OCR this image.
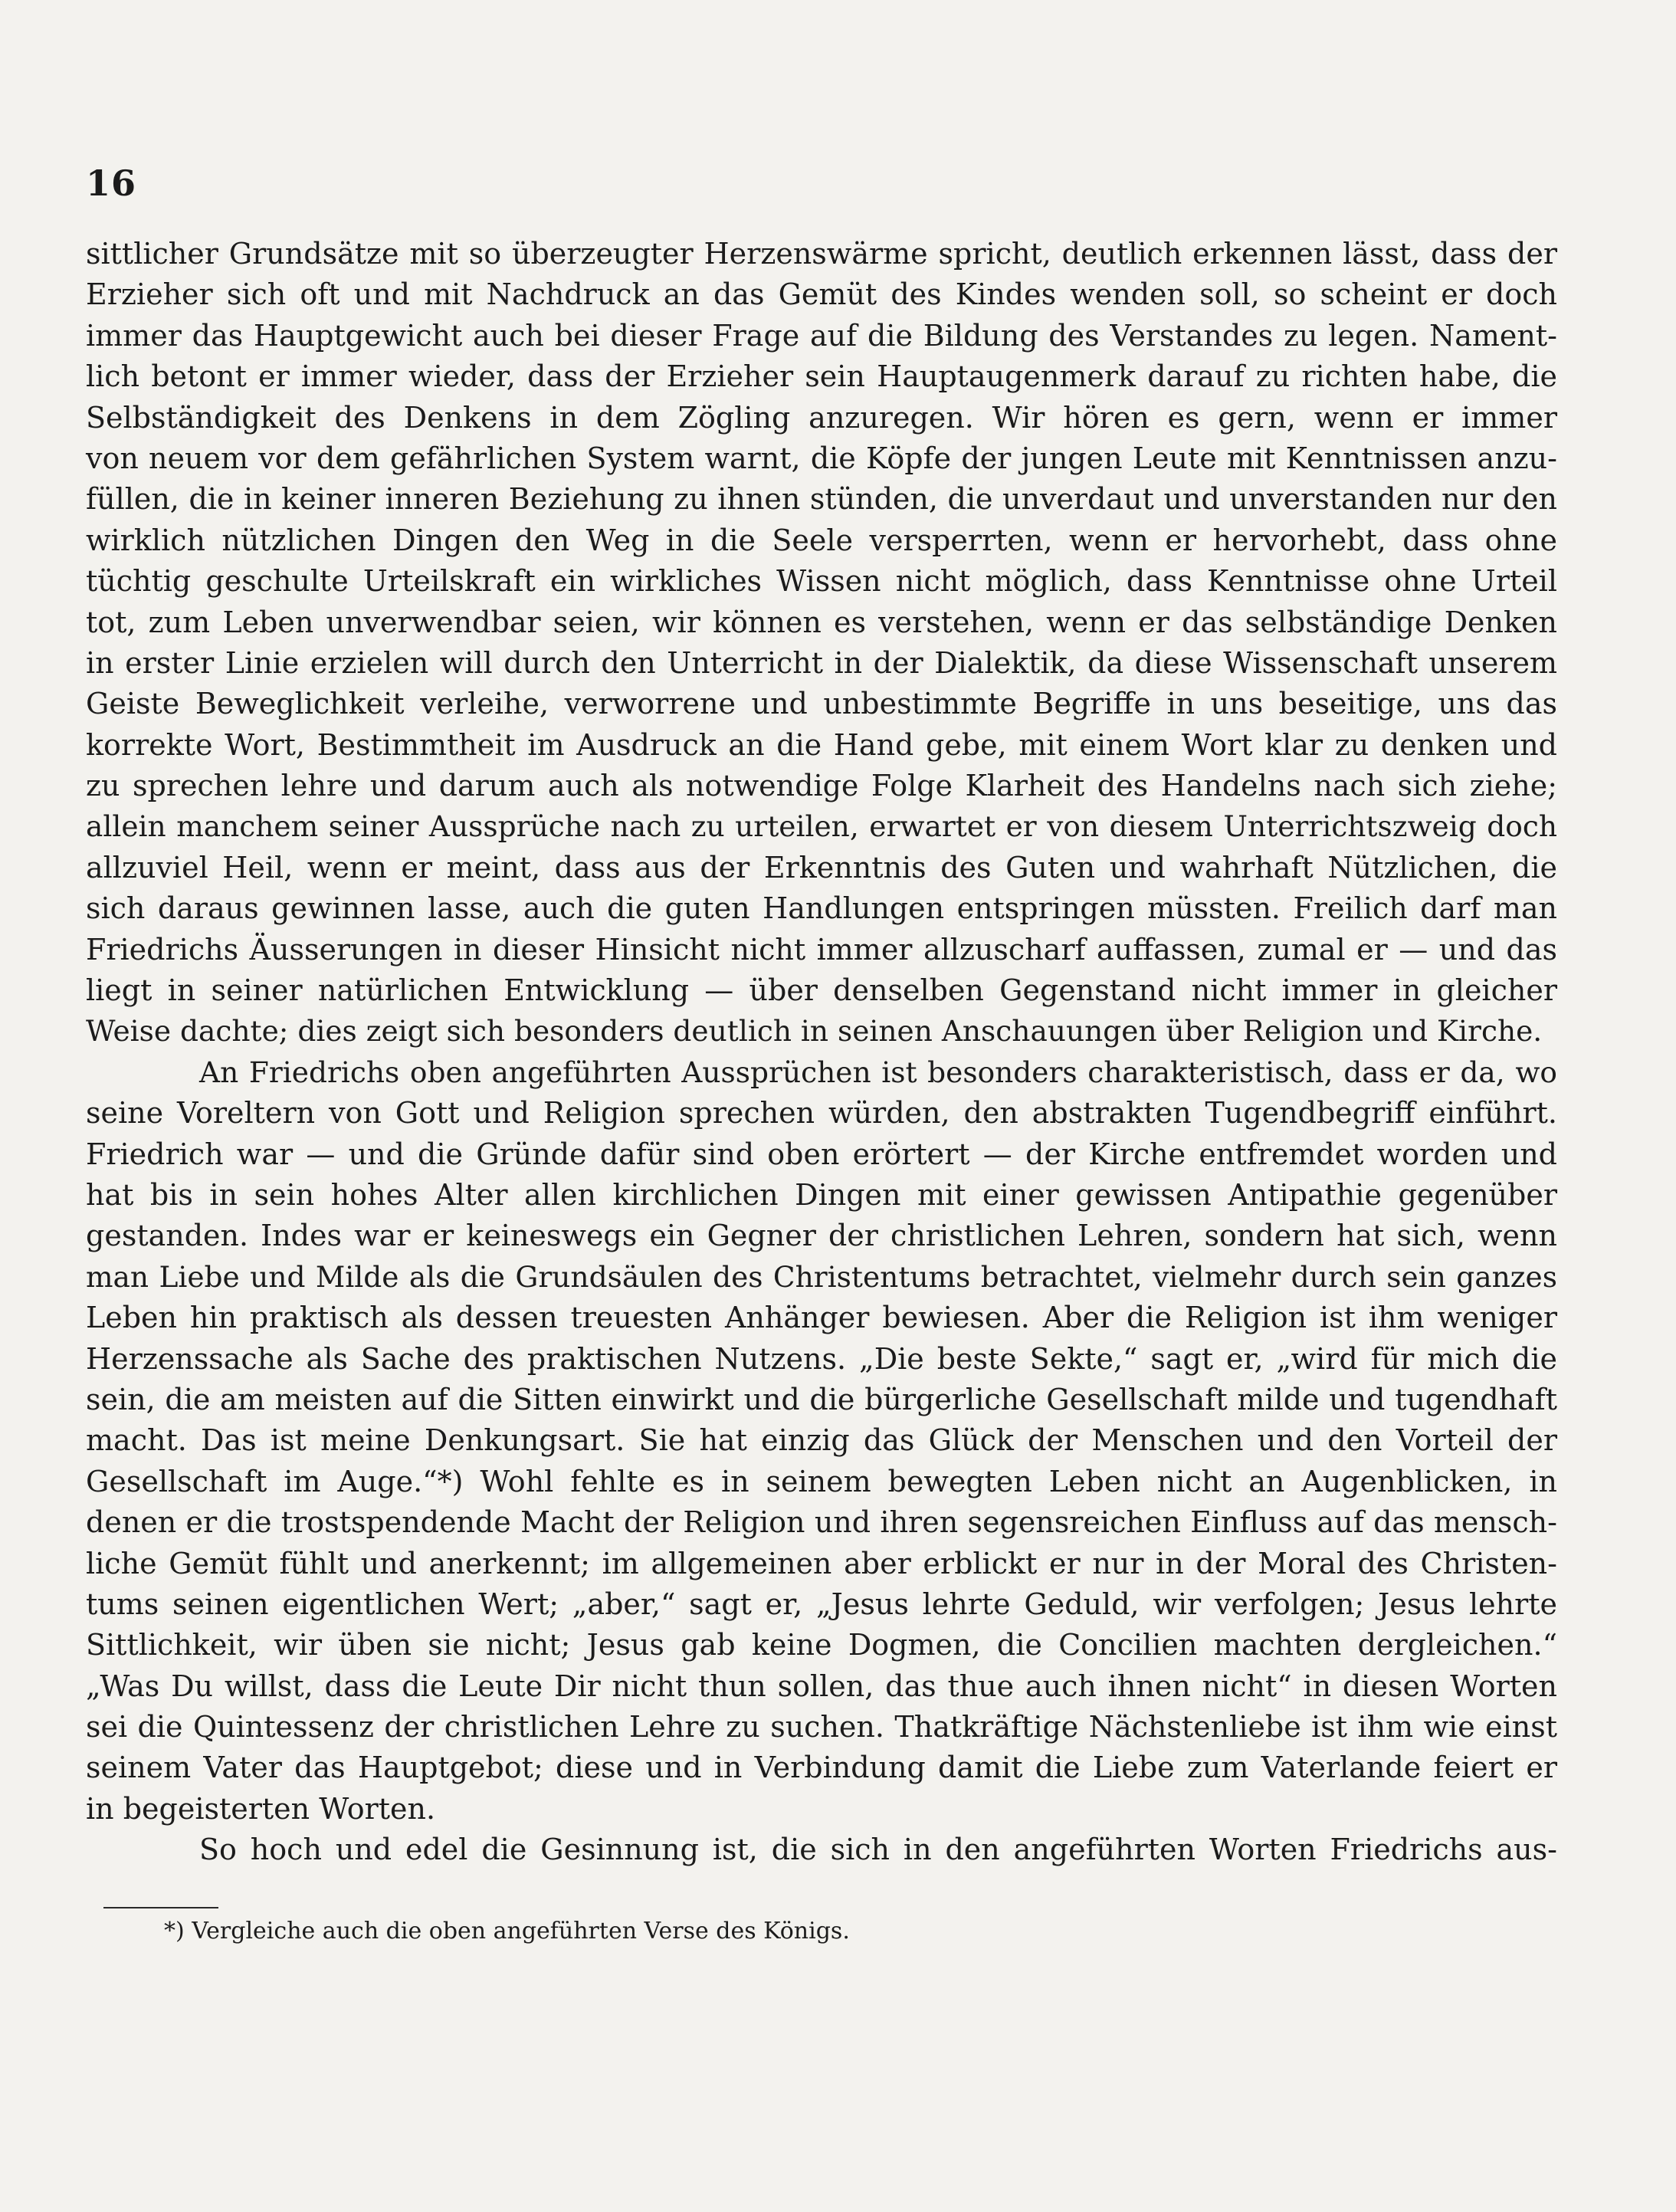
16
sittlicher Grundsätze mit so überzeugter Herzenswärme spricht, deutlich erkennen lässt, dass der
Erzieher sich oft und mit Nachdruck an das Gemüt des Kindes wenden soll, so scheint er doch
immer das Hauptgewicht auch bei dieser Frage auf die Bildung des Verstandes zu legen. Nament-
lich betont er immer wieder, dass der Erzieher sein Hauptaugenmerk darauf zu richten habe, die
Selbständigkeit des Denkens in dem Zögling anzuregen. Wir hören es gern, wenn er immer
von neuem vor dem gefährlichen System warnt, die Köpfe der jungen Leute mit Kenntnissen anzu-
füllen, die in keiner inneren Beziehung zu ihnen stünden, die unverdaut und unverstanden nur den
wirklich nützlichen Dingen den Weg in die Seele versperrten, wenn er hervorhebt, dass ohne
tüchtig geschulte Urteilskraft ein wirkliches Wissen nicht möglich, dass Kenntnisse ohne Urteil
tot, zum Leben unverwendbar seien, wir können es verstehen, wenn er das selbständige Denken
in erster Linie erzielen will durch den Unterricht in der Dialektik, da diese Wissenschaft unserem
Geiste Beweglichkeit verleihe, verworrene und unbestimmte Begriffe in uns beseitige, uns das
korrekte Wort, Bestimmtheit im Ausdruck an die Hand gebe, mit einem Wort klar zu denken und
zu sprechen lehre und darum auch als notwendige Folge Klarheit des Handelns nach sich ziehe;
allein manchem seiner Aussprüche nach zu urteilen, erwartet er von diesem Unterrichtszweig doch
allzuviel Heil, wenn er meint, dass aus der Erkenntnis des Guten und wahrhaft Nützlichen, die
sich daraus gewinnen lasse, auch die guten Handlungen entspringen müssten. Freilich darf man
Friedrichs Äusserungen in dieser Hinsicht nicht immer allzuscharf auffassen, zumal er — und das
liegt in seiner natürlichen Entwicklung — über denselben Gegenstand nicht immer in gleicher
Weise dachte; dies zeigt sich besonders deutlich in seinen Anschauungen über Religion und Kirche.
An Friedrichs oben angeführten Aussprüchen ist besonders charakteristisch, dass er da, wo
seine Voreltern von Gott und Religion sprechen würden, den abstrakten Tugendbegriff einführt.
Friedrich war — und die Gründe dafür sind oben erörtert — der Kirche entfremdet worden und
hat bis in sein hohes Alter allen kirchlichen Dingen mit einer gewissen Antipathie gegenüber
gestanden. Indes war er keineswegs ein Gegner der christlichen Lehren, sondern hat sich, wenn
man Liebe und Milde als die Grundsäulen des Christentums betrachtet, vielmehr durch sein ganzes
Leben hin praktisch als dessen treuesten Anhänger bewiesen. Aber die Religion ist ihm weniger
Herzenssache als Sache des praktischen Nutzens. „Die beste Sekte,“ sagt er, „wird für mich die
sein, die am meisten auf die Sitten einwirkt und die bürgerliche Gesellschaft milde und tugendhaft
macht. Das ist meine Denkungsart. Sie hat einzig das Glück der Menschen und den Vorteil der
Gesellschaft im Auge.“*) Wohl fehlte es in seinem bewegten Leben nicht an Augenblicken, in
denen er die trostspendende Macht der Religion und ihren segensreichen Einfluss auf das mensch-
liche Gemüt fühlt und anerkennt; im allgemeinen aber erblickt er nur in der Moral des Christen-
tums seinen eigentlichen Wert; „aber,“ sagt er, „Jesus lehrte Geduld, wir verfolgen; Jesus lehrte
Sittlichkeit, wir üben sie nicht; Jesus gab keine Dogmen, die Concilien machten dergleichen.“
„Was Du willst, dass die Leute Dir nicht thun sollen, das thue auch ihnen nicht“ in diesen Worten
sei die Quintessenz der christlichen Lehre zu suchen. Thatkräftige Nächstenliebe ist ihm wie einst
seinem Vater das Hauptgebot; diese und in Verbindung damit die Liebe zum Vaterlande feiert er
in begeisterten Worten.
So hoch und edel die Gesinnung ist, die sich in den angeführten Worten Friedrichs aus-
*) Vergleiche auch die oben angeführten Verse des Königs.
